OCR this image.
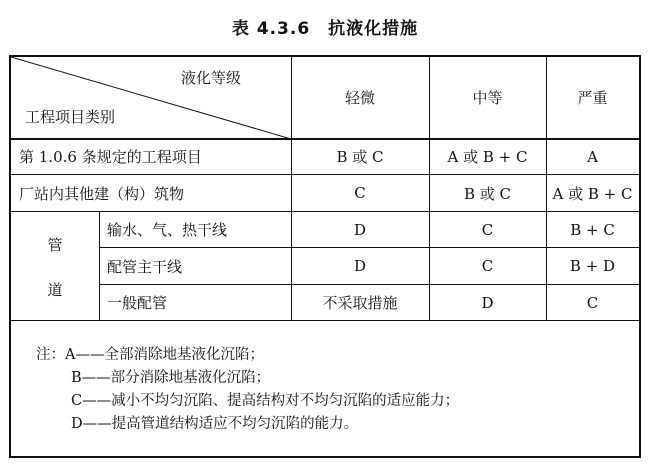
表 4.3.6 抗液化措施
液化等级
工程项目类别
轻微	中等	严重
第 1.0.6 条规定的工程项目	B 或 C	A 或 B + C	A
厂站内其他建（构）筑物	C	B 或 C	A 或 B + C
管
道
输水、气、热干线	D	C	B + C
配管主干线	D	C	B + D
一般配管	不采取措施	D	C
注：A——全部消除地基液化沉陷；
B——部分消除地基液化沉陷；
C——减小不均匀沉陷、提高结构对不均匀沉陷的适应能力；
D——提高管道结构适应不均匀沉陷的能力。
